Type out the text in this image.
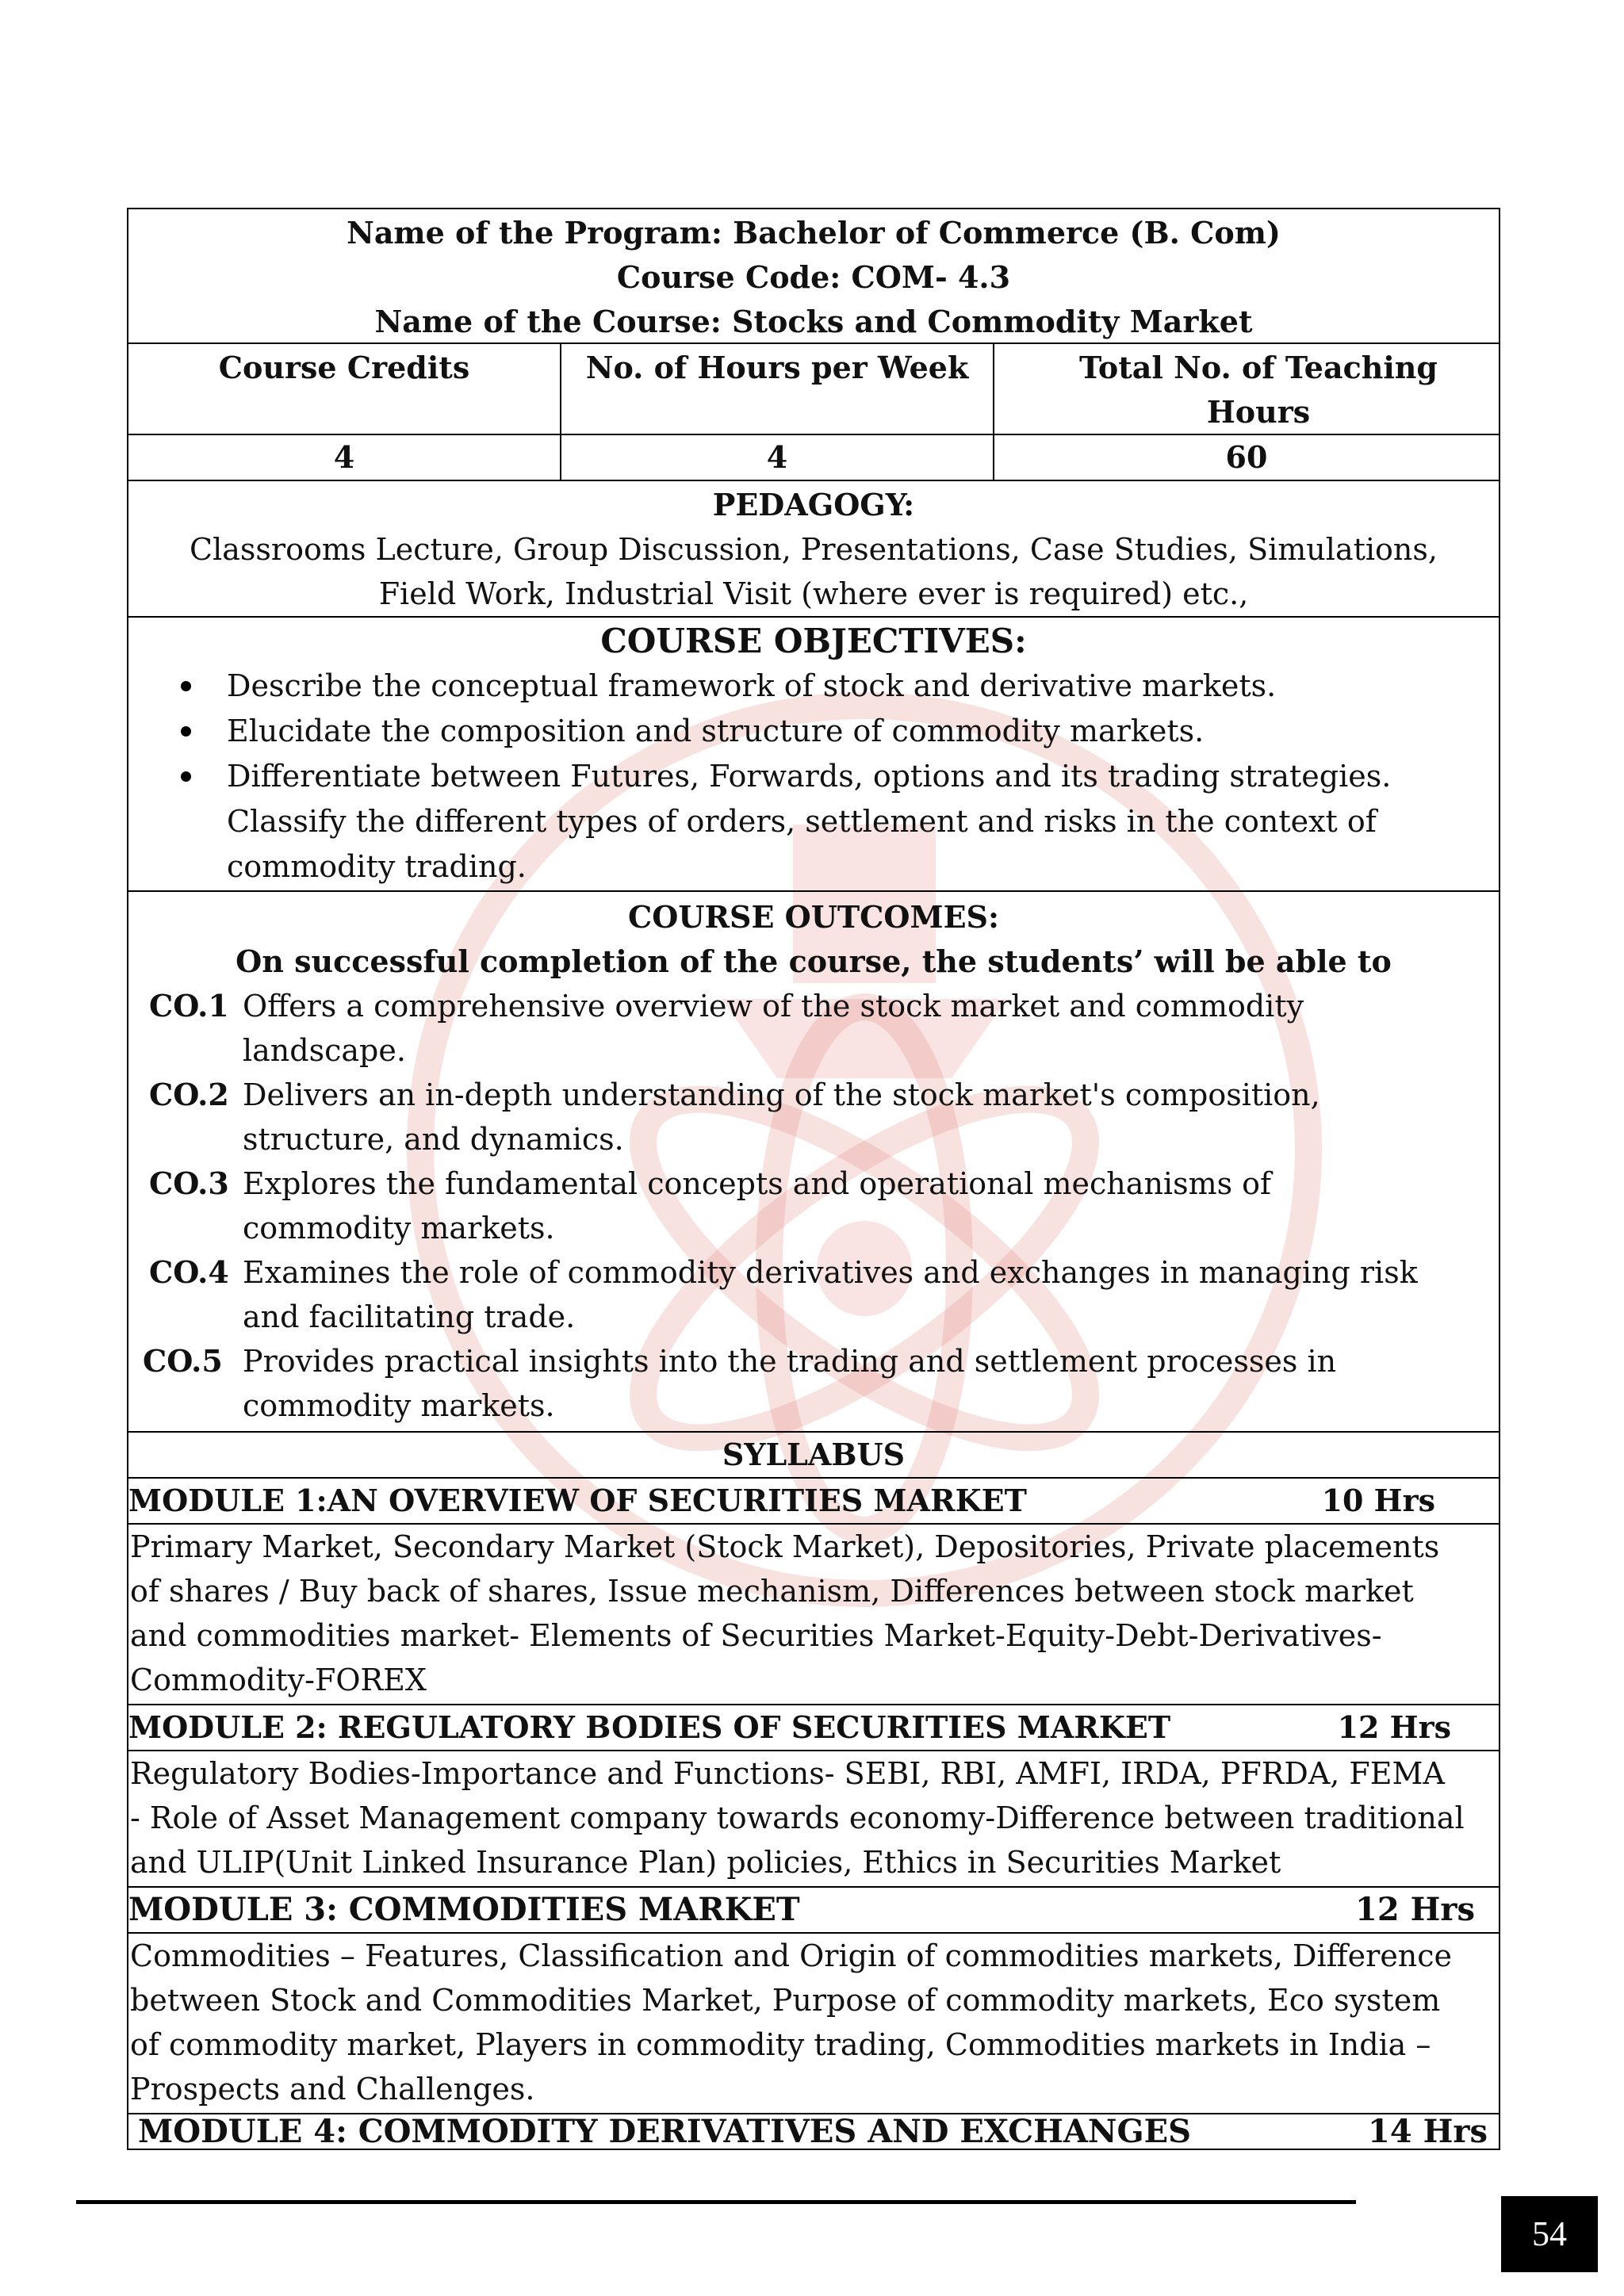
Name of the Program: Bachelor of Commerce (B. Com)
Course Code: COM- 4.3
Name of the Course: Stocks and Commodity Market
Course Credits	No. of Hours per Week	Total No. of Teaching
Hours
4	4	60
PEDAGOGY:
Classrooms Lecture, Group Discussion, Presentations, Case Studies, Simulations,
Field Work, Industrial Visit (where ever is required) etc.,
COURSE OBJECTIVES:
Describe the conceptual framework of stock and derivative markets.
Elucidate the composition and structure of commodity markets.
Differentiate between Futures, Forwards, options and its trading strategies.
Classify the different types of orders, settlement and risks in the context of
commodity trading.
COURSE OUTCOMES:
On successful completion of the course, the students’ will be able to
CO.1 Offers a comprehensive overview of the stock market and commodity
landscape.
CO.2 Delivers an in-depth understanding of the stock market's composition,
structure, and dynamics.
CO.3 Explores the fundamental concepts and operational mechanisms of
commodity markets.
CO.4 Examines the role of commodity derivatives and exchanges in managing risk
and facilitating trade.
CO.5 Provides practical insights into the trading and settlement processes in
commodity markets.
SYLLABUS
MODULE 1:AN OVERVIEW OF SECURITIES MARKET	10 Hrs
Primary Market, Secondary Market (Stock Market), Depositories, Private placements
of shares / Buy back of shares, Issue mechanism, Differences between stock market
and commodities market- Elements of Securities Market-Equity-Debt-Derivatives-
Commodity-FOREX
MODULE 2: REGULATORY BODIES OF SECURITIES MARKET	12 Hrs
Regulatory Bodies-Importance and Functions- SEBI, RBI, AMFI, IRDA, PFRDA, FEMA
- Role of Asset Management company towards economy-Difference between traditional
and ULIP(Unit Linked Insurance Plan) policies, Ethics in Securities Market
MODULE 3: COMMODITIES MARKET	12 Hrs
Commodities – Features, Classification and Origin of commodities markets, Difference
between Stock and Commodities Market, Purpose of commodity markets, Eco system
of commodity market, Players in commodity trading, Commodities markets in India –
Prospects and Challenges.
MODULE 4: COMMODITY DERIVATIVES AND EXCHANGES	14 Hrs
54
